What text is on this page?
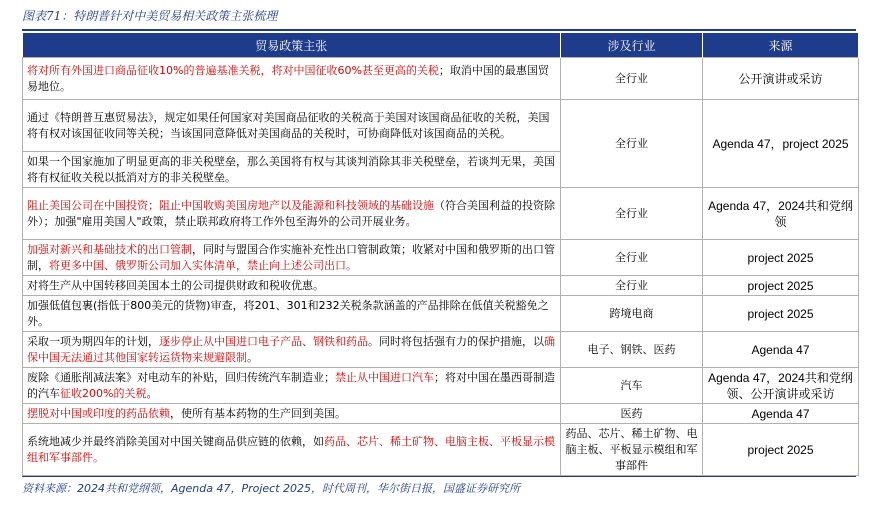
图表71：特朗普针对中美贸易相关政策主张梳理
贸易政策主张	涉及行业	来源
将对所有外国进口商品征收10%的普遍基准关税，将对中国征收60%甚至更高的关税；取消中国的最惠国贸易地位。	全行业	公开演讲或采访
通过《特朗普互惠贸易法》，规定如果任何国家对美国商品征收的关税高于美国对该国商品征收的关税，美国将有权对该国征收同等关税；当该国同意降低对美国商品的关税时，可协商降低对该国商品的关税。	全行业	Agenda 47，project 2025
如果一个国家施加了明显更高的非关税壁垒，那么美国将有权与其谈判消除其非关税壁垒，若谈判无果，美国将有权征收关税以抵消对方的非关税壁垒。		
阻止美国公司在中国投资；阻止中国收购美国房地产以及能源和科技领域的基础设施（符合美国利益的投资除外）；加强"雇用美国人"政策，禁止联邦政府将工作外包至海外的公司开展业务。	全行业	Agenda 47，2024共和党纲领
加强对新兴和基础技术的出口管制，同时与盟国合作实施补充性出口管制政策；收紧对中国和俄罗斯的出口管制，将更多中国、俄罗斯公司加入实体清单，禁止向上述公司出口。	全行业	project 2025
对将生产从中国转移回美国本土的公司提供财政和税收优惠。	全行业	project 2025
加强低值包裹(指低于800美元的货物)审查，将201、301和232关税条款涵盖的产品排除在低值关税豁免之外。	跨境电商	project 2025
采取一项为期四年的计划，逐步停止从中国进口电子产品、钢铁和药品。同时将包括强有力的保护措施，以确保中国无法通过其他国家转运货物来规避限制。	电子、钢铁、医药	Agenda 47
废除《通胀削减法案》对电动车的补贴，回归传统汽车制造业；禁止从中国进口汽车；将对中国在墨西哥制造的汽车征收200%的关税。	汽车	Agenda 47，2024共和党纲领、公开演讲或采访
摆脱对中国或印度的药品依赖，使所有基本药物的生产回到美国。	医药	Agenda 47
系统地减少并最终消除美国对中国关键商品供应链的依赖，如药品、芯片、稀土矿物、电脑主板、平板显示模组和军事部件。	药品、芯片、稀土矿物、电脑主板、平板显示模组和军事部件	project 2025
资料来源：2024共和党纲领，Agenda 47，Project 2025，时代周刊，华尔街日报，国盛证券研究所
